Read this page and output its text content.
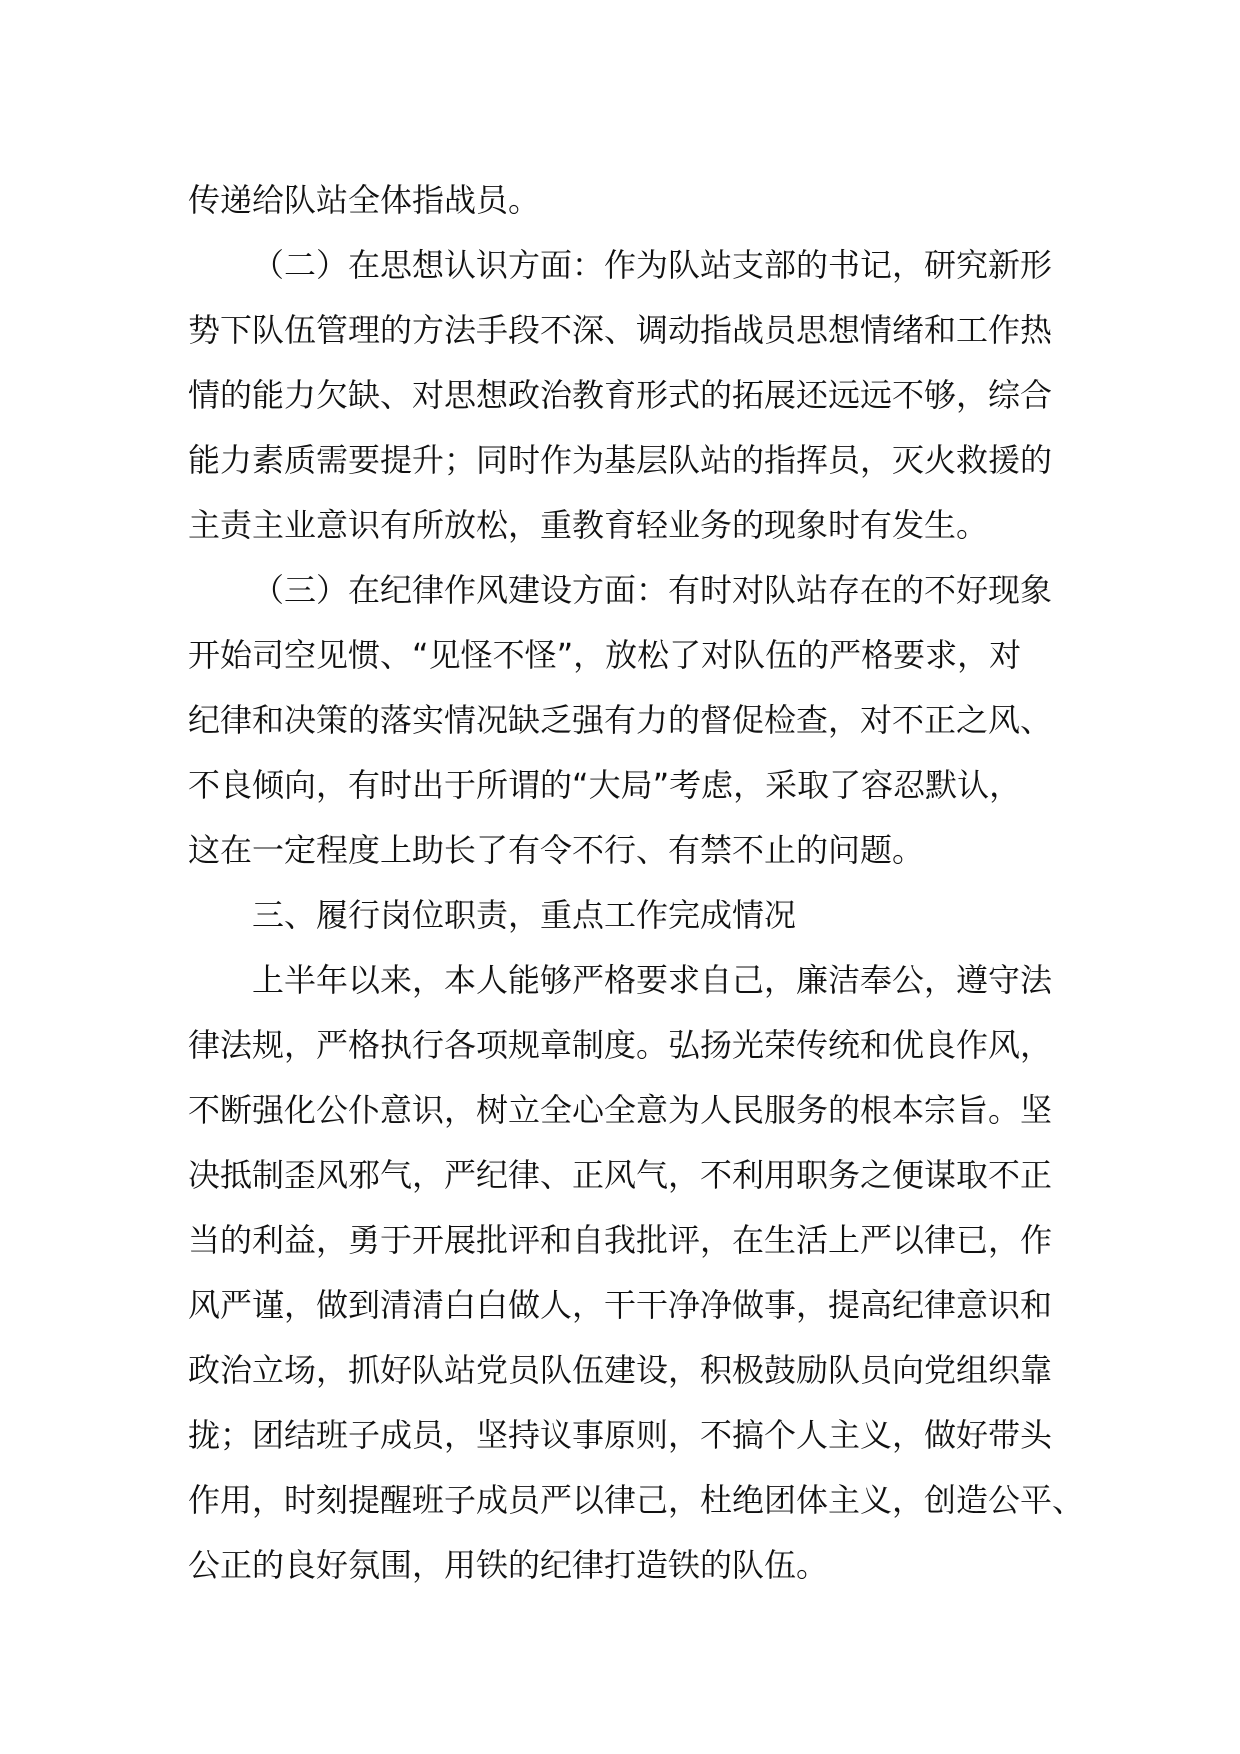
传递给队站全体指战员。
（二）在思想认识方面：作为队站支部的书记，研究新形
势下队伍管理的方法手段不深、调动指战员思想情绪和工作热
情的能力欠缺、对思想政治教育形式的拓展还远远不够，综合
能力素质需要提升；同时作为基层队站的指挥员，灭火救援的
主责主业意识有所放松，重教育轻业务的现象时有发生。
（三）在纪律作风建设方面：有时对队站存在的不好现象
开始司空见惯、“见怪不怪”，放松了对队伍的严格要求，对
纪律和决策的落实情况缺乏强有力的督促检查，对不正之风、
不良倾向，有时出于所谓的“大局”考虑，采取了容忍默认，
这在一定程度上助长了有令不行、有禁不止的问题。
三、履行岗位职责，重点工作完成情况
上半年以来，本人能够严格要求自己，廉洁奉公，遵守法
律法规，严格执行各项规章制度。弘扬光荣传统和优良作风，
不断强化公仆意识，树立全心全意为人民服务的根本宗旨。坚
决抵制歪风邪气，严纪律、正风气，不利用职务之便谋取不正
当的利益，勇于开展批评和自我批评，在生活上严以律已，作
风严谨，做到清清白白做人，干干净净做事，提高纪律意识和
政治立场，抓好队站党员队伍建设，积极鼓励队员向党组织靠
拢；团结班子成员，坚持议事原则，不搞个人主义，做好带头
作用，时刻提醒班子成员严以律己，杜绝团体主义，创造公平、
公正的良好氛围，用铁的纪律打造铁的队伍。
